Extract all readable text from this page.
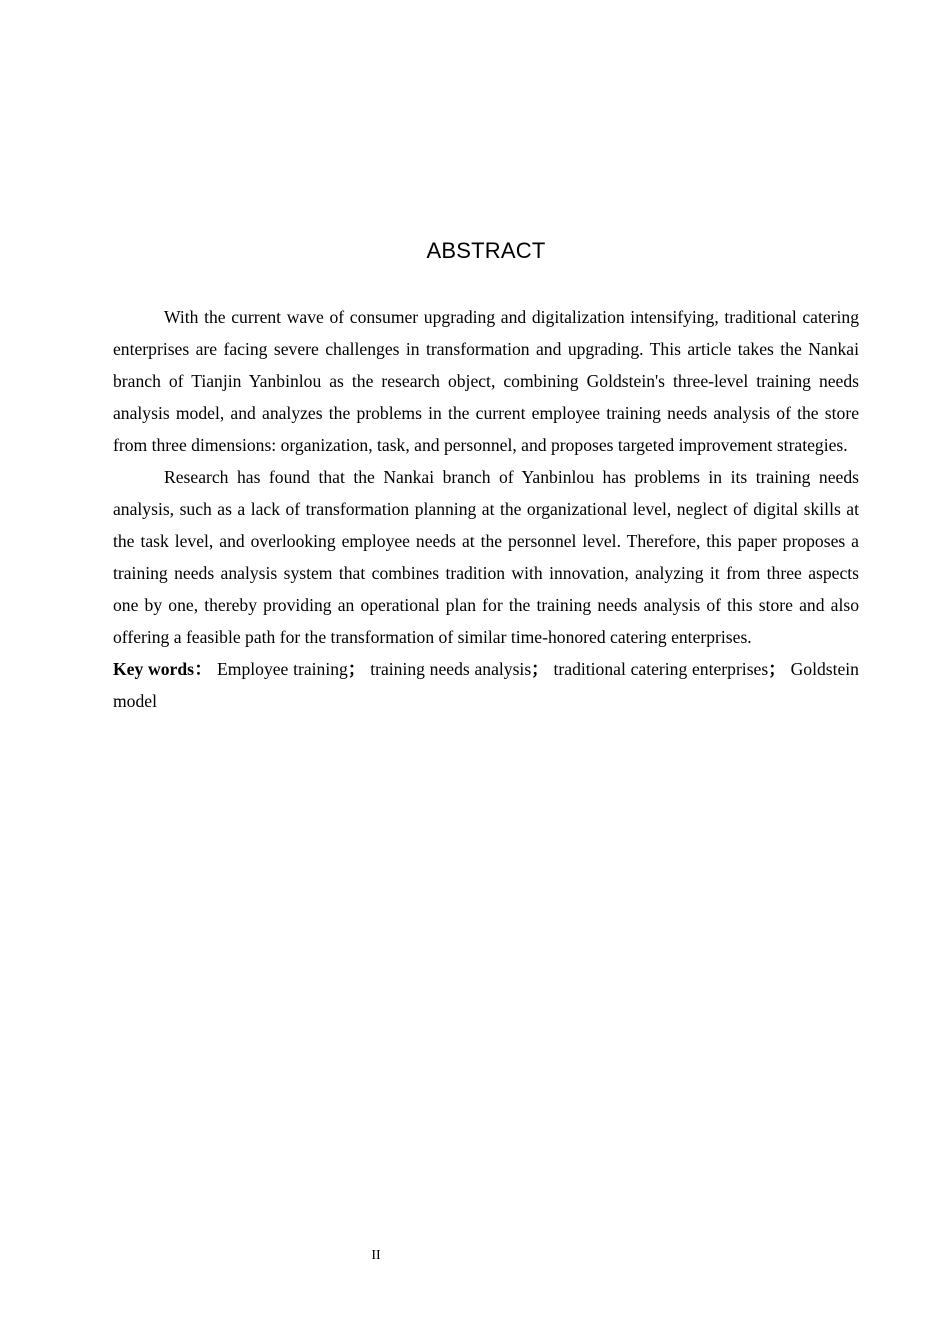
ABSTRACT

With the current wave of consumer upgrading and digitalization intensifying, traditional catering enterprises are facing severe challenges in transformation and upgrading. This article takes the Nankai branch of Tianjin Yanbinlou as the research object, combining Goldstein's three-level training needs analysis model, and analyzes the problems in the current employee training needs analysis of the store from three dimensions: organization, task, and personnel, and proposes targeted improvement strategies.

Research has found that the Nankai branch of Yanbinlou has problems in its training needs analysis, such as a lack of transformation planning at the organizational level, neglect of digital skills at the task level, and overlooking employee needs at the personnel level. Therefore, this paper proposes a training needs analysis system that combines tradition with innovation, analyzing it from three aspects one by one, thereby providing an operational plan for the training needs analysis of this store and also offering a feasible path for the transformation of similar time-honored catering enterprises.

Key words： Employee training； training needs analysis； traditional catering enterprises； Goldstein model

II
